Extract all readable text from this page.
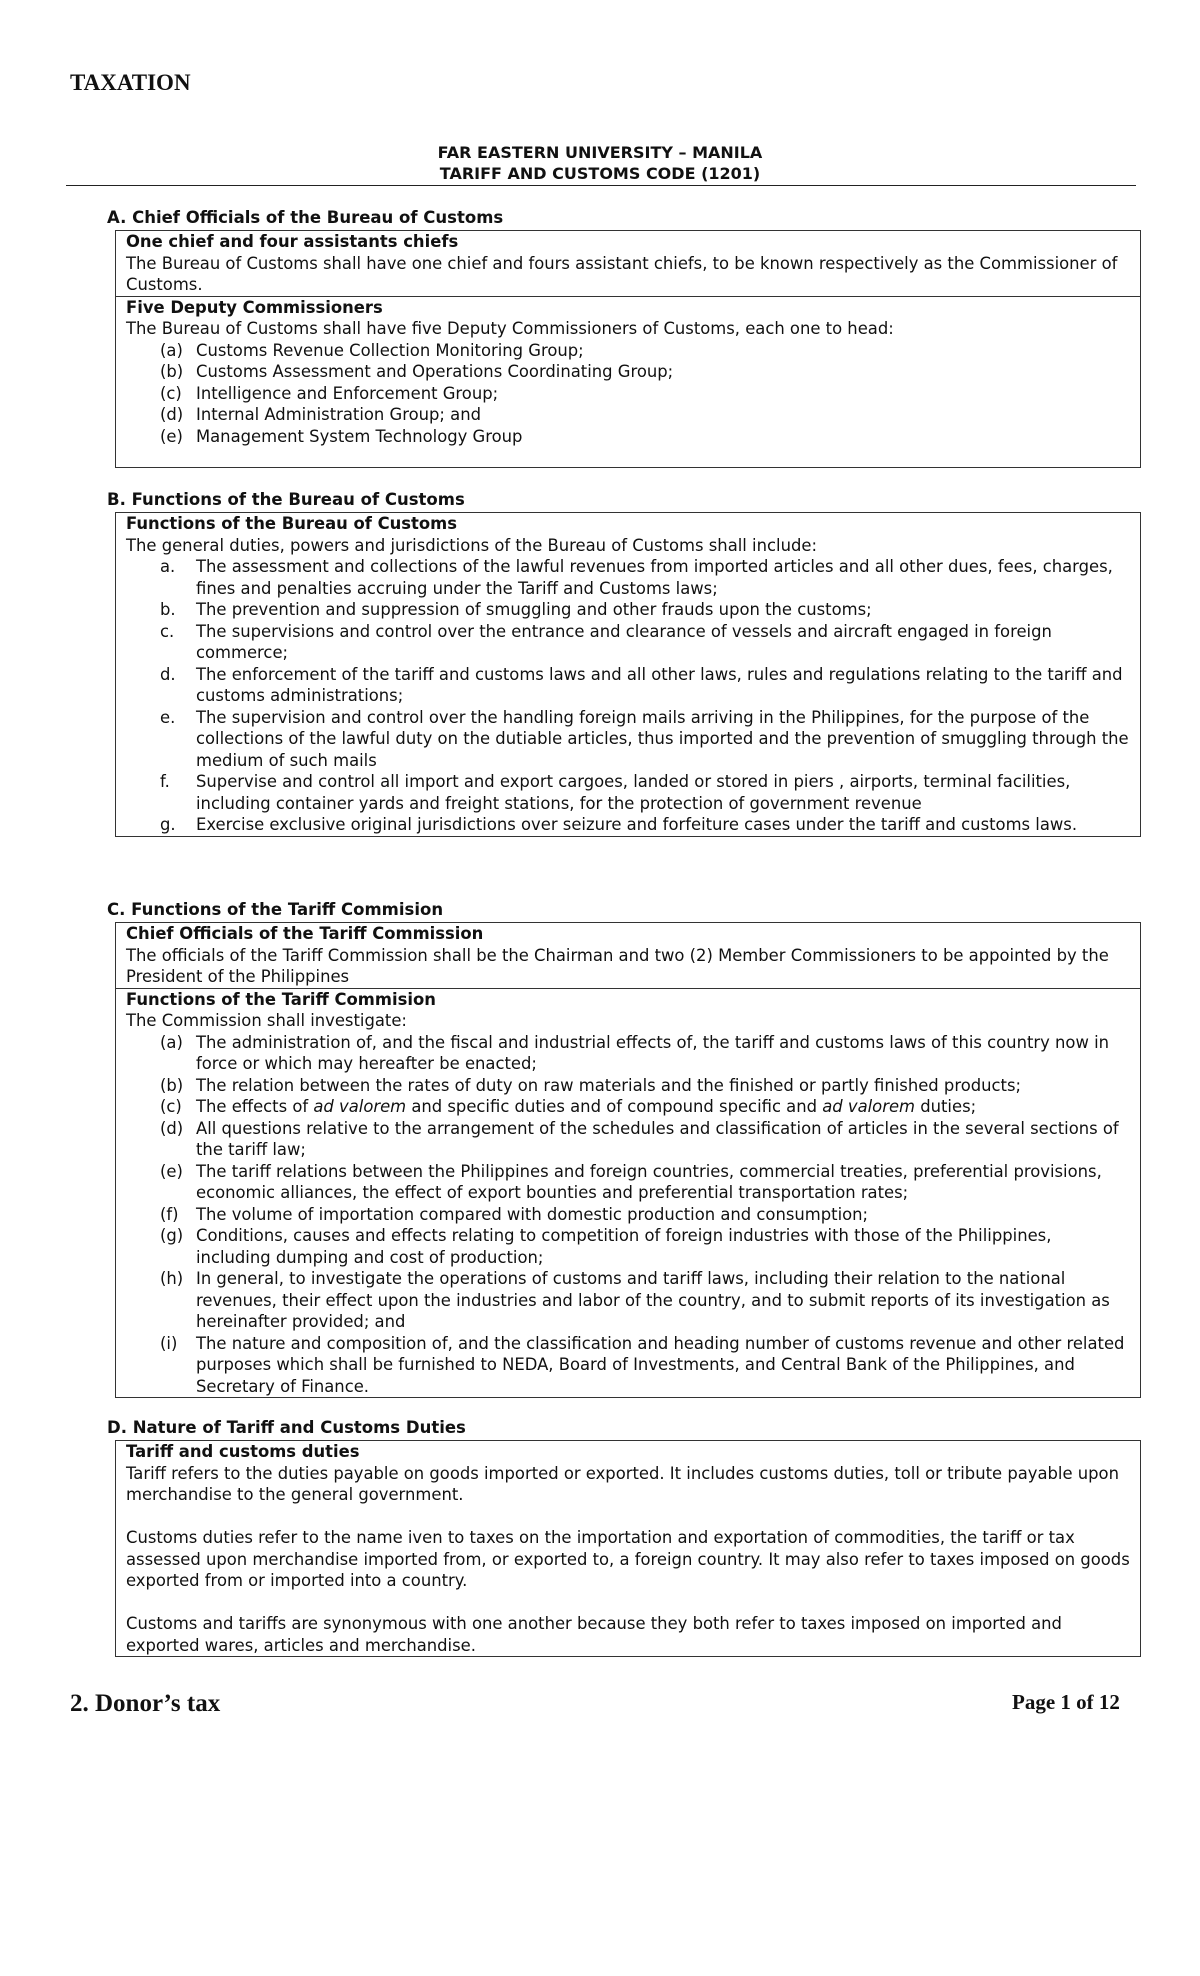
TAXATION
FAR EASTERN UNIVERSITY – MANILA
TARIFF AND CUSTOMS CODE (1201)
A. Chief Officials of the Bureau of Customs
One chief and four assistants chiefs

The Bureau of Customs shall have one chief and fours assistant chiefs, to be known respectively as the Commissioner of Customs.

Five Deputy Commissioners

The Bureau of Customs shall have five Deputy Commissioners of Customs, each one to head:

(a) Customs Revenue Collection Monitoring Group;
(b) Customs Assessment and Operations Coordinating Group;
(c) Intelligence and Enforcement Group;
(d) Internal Administration Group; and
(e) Management System Technology Group
B. Functions of the Bureau of Customs
Functions of the Bureau of Customs

The general duties, powers and jurisdictions of the Bureau of Customs shall include:

a. The assessment and collections of the lawful revenues from imported articles and all other dues, fees, charges, fines and penalties accruing under the Tariff and Customs laws;
b. The prevention and suppression of smuggling and other frauds upon the customs;
c. The supervisions and control over the entrance and clearance of vessels and aircraft engaged in foreign commerce;
d. The enforcement of the tariff and customs laws and all other laws, rules and regulations relating to the tariff and customs administrations;
e. The supervision and control over the handling foreign mails arriving in the Philippines, for the purpose of the collections of the lawful duty on the dutiable articles, thus imported and the prevention of smuggling through the medium of such mails
f. Supervise and control all import and export cargoes, landed or stored in piers , airports, terminal facilities, including container yards and freight stations, for the protection of government revenue
g. Exercise exclusive original jurisdictions over seizure and forfeiture cases under the tariff and customs laws.
C. Functions of the Tariff Commision
Chief Officials of the Tariff Commission

The officials of the Tariff Commission shall be the Chairman and two (2) Member Commissioners to be appointed by the President of the Philippines

Functions of the Tariff Commision

The Commission shall investigate:

(a) The administration of, and the fiscal and industrial effects of, the tariff and customs laws of this country now in force or which may hereafter be enacted;
(b) The relation between the rates of duty on raw materials and the finished or partly finished products;
(c) The effects of ad valorem and specific duties and of compound specific and ad valorem duties;
(d) All questions relative to the arrangement of the schedules and classification of articles in the several sections of the tariff law;
(e) The tariff relations between the Philippines and foreign countries, commercial treaties, preferential provisions, economic alliances, the effect of export bounties and preferential transportation rates;
(f) The volume of importation compared with domestic production and consumption;
(g) Conditions, causes and effects relating to competition of foreign industries with those of the Philippines, including dumping and cost of production;
(h) In general, to investigate the operations of customs and tariff laws, including their relation to the national revenues, their effect upon the industries and labor of the country, and to submit reports of its investigation as hereinafter provided; and
(i) The nature and composition of, and the classification and heading number of customs revenue and other related purposes which shall be furnished to NEDA, Board of Investments, and Central Bank of the Philippines, and Secretary of Finance.
D. Nature of Tariff and Customs Duties
Tariff and customs duties

Tariff refers to the duties payable on goods imported or exported. It includes customs duties, toll or tribute payable upon merchandise to the general government.

Customs duties refer to the name iven to taxes on the importation and exportation of commodities, the tariff or tax assessed upon merchandise imported from, or exported to, a foreign country. It may also refer to taxes imposed on goods exported from or imported into a country.

Customs and tariffs are synonymous with one another because they both refer to taxes imposed on imported and exported wares, articles and merchandise.

2. Donor’s tax	Page 1 of 12
